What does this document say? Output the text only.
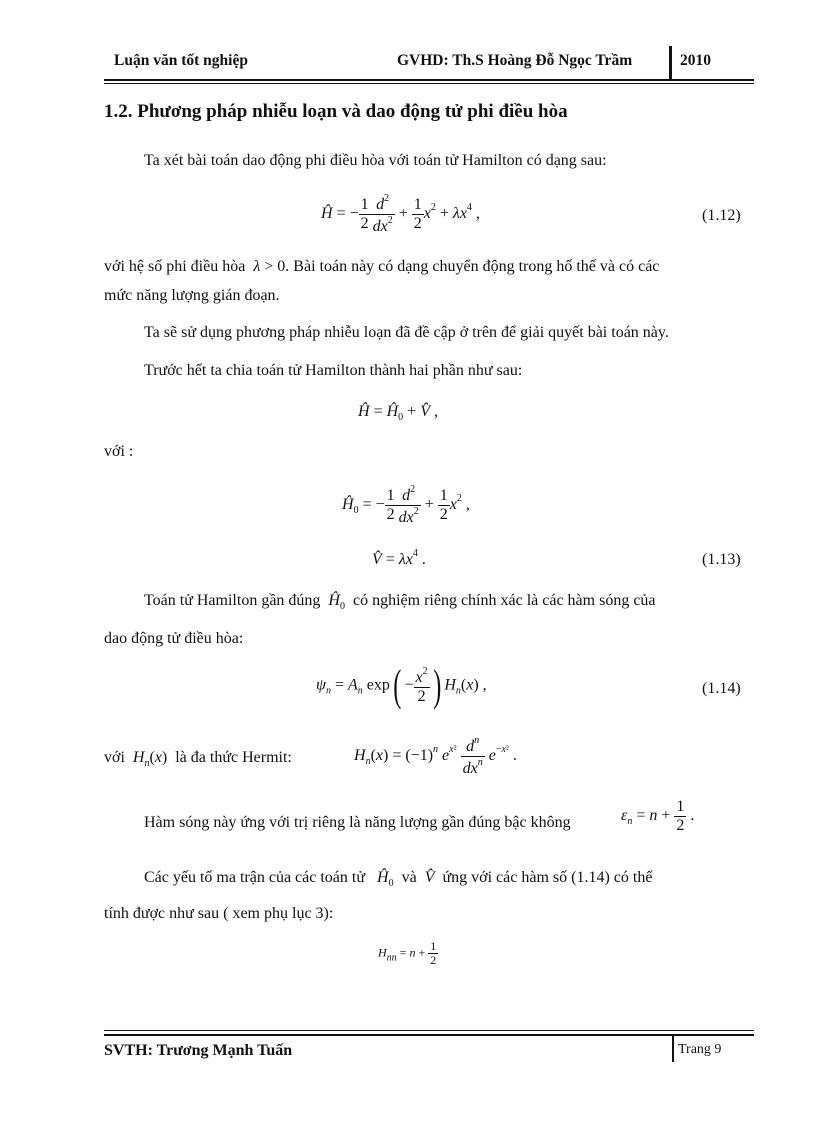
Luận văn tốt nghiệp	GVHD: Th.S Hoàng Đỗ Ngọc Trầm	2010
1.2. Phương pháp nhiễu loạn và dao động tử phi điều hòa
Ta xét bài toán dao động phi điều hòa với toán tử Hamilton có dạng sau:
Ĥ = − $\frac{1}{2} \frac{d^2}{dx^2} + \frac{1}{2} x^2 + \lambda x^4$ ,	(1.12)
với hệ số phi điều hòa  λ > 0. Bài toán này có dạng chuyển động trong hố thế và có các
mức năng lượng gián đoạn.
Ta sẽ sử dụng phương pháp nhiễu loạn đã đề cập ở trên để giải quyết bài toán này.
Trước hết ta chia toán tử Hamilton thành hai phần như sau:
Ĥ = $Ĥ_0$ + V̂ ,
với :
$Ĥ_0$ = − $\frac{1}{2} \frac{d^2}{dx^2} + \frac{1}{2} x^2$ ,
V̂ = $\lambda x^4$ .	(1.13)
Toán tử Hamilton gần đúng $Ĥ_0$ có nghiệm riêng chính xác là các hàm sóng của
dao động tử điều hòa:
$\psi_n = A_n$ $\exp( - \frac{x^2}{2}$ ) $H_n(x)$ ,	(1.14)
với $H_n(x)$  là đa thức Hermit:	$H_n(x) = (-1)^n$ $e^{x^2} \frac{d^n}{dx^n} e^{-x^2}$ .
Hàm sóng này ứng với trị riêng là năng lượng gần đúng bậc không	$\varepsilon_n = n + \frac{1}{2}$ .
Các yếu tố ma trận của các toán tử $Ĥ_0$ và V̂ ứng với các hàm số (1.14) có thể
tính được như sau ( xem phụ lục 3):
$H_{nn} = n + \frac{1}{2}$
SVTH: Trương Mạnh Tuấn	Trang 9
